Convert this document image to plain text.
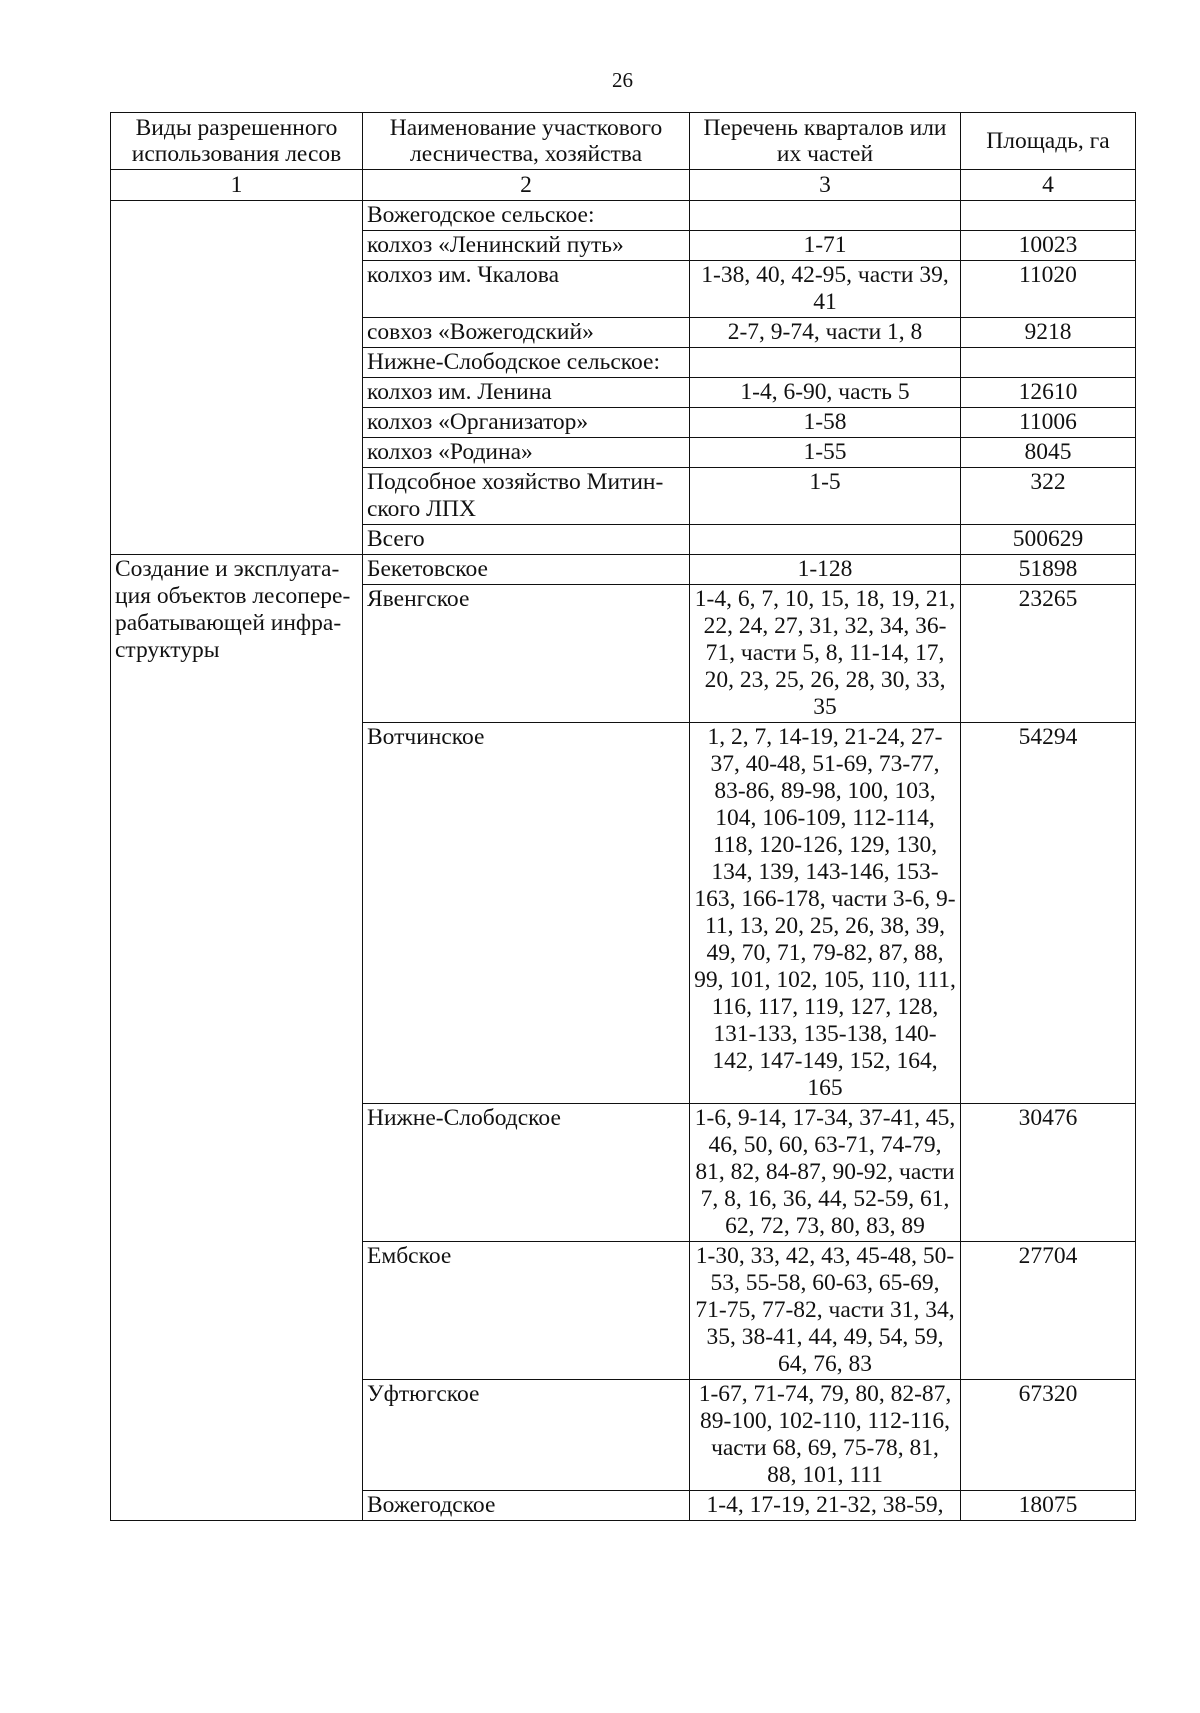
26
Виды разрешенного использования лесов	Наименование участкового лесничества, хозяйства	Перечень кварталов или их частей	Площадь, га
1	2	3	4
	Вожегодское сельское:		
	колхоз «Ленинский путь»	1-71	10023
	колхоз им. Чкалова	1-38, 40, 42-95, части 39, 41	11020
	совхоз «Вожегодский»	2-7, 9-74, части 1, 8	9218
	Нижне-Слободское сельское:		
	колхоз им. Ленина	1-4, 6-90, часть 5	12610
	колхоз «Организатор»	1-58	11006
	колхоз «Родина»	1-55	8045
	Подсобное хозяйство Митинского ЛПХ	1-5	322
	Всего		500629
Создание и эксплуатация объектов лесоперерабатывающей инфраструктуры	Бекетовское	1-128	51898
	Явенгское	1-4, 6, 7, 10, 15, 18, 19, 21, 22, 24, 27, 31, 32, 34, 36-71, части 5, 8, 11-14, 17, 20, 23, 25, 26, 28, 30, 33, 35	23265
	Вотчинское	1, 2, 7, 14-19, 21-24, 27-37, 40-48, 51-69, 73-77, 83-86, 89-98, 100, 103, 104, 106-109, 112-114, 118, 120-126, 129, 130, 134, 139, 143-146, 153-163, 166-178, части 3-6, 9-11, 13, 20, 25, 26, 38, 39, 49, 70, 71, 79-82, 87, 88, 99, 101, 102, 105, 110, 111, 116, 117, 119, 127, 128, 131-133, 135-138, 140-142, 147-149, 152, 164, 165	54294
	Нижне-Слободское	1-6, 9-14, 17-34, 37-41, 45, 46, 50, 60, 63-71, 74-79, 81, 82, 84-87, 90-92, части 7, 8, 16, 36, 44, 52-59, 61, 62, 72, 73, 80, 83, 89	30476
	Ембское	1-30, 33, 42, 43, 45-48, 50-53, 55-58, 60-63, 65-69, 71-75, 77-82, части 31, 34, 35, 38-41, 44, 49, 54, 59, 64, 76, 83	27704
	Уфтюгское	1-67, 71-74, 79, 80, 82-87, 89-100, 102-110, 112-116, части 68, 69, 75-78, 81, 88, 101, 111	67320
	Вожегодское	1-4, 17-19, 21-32, 38-59,	18075
